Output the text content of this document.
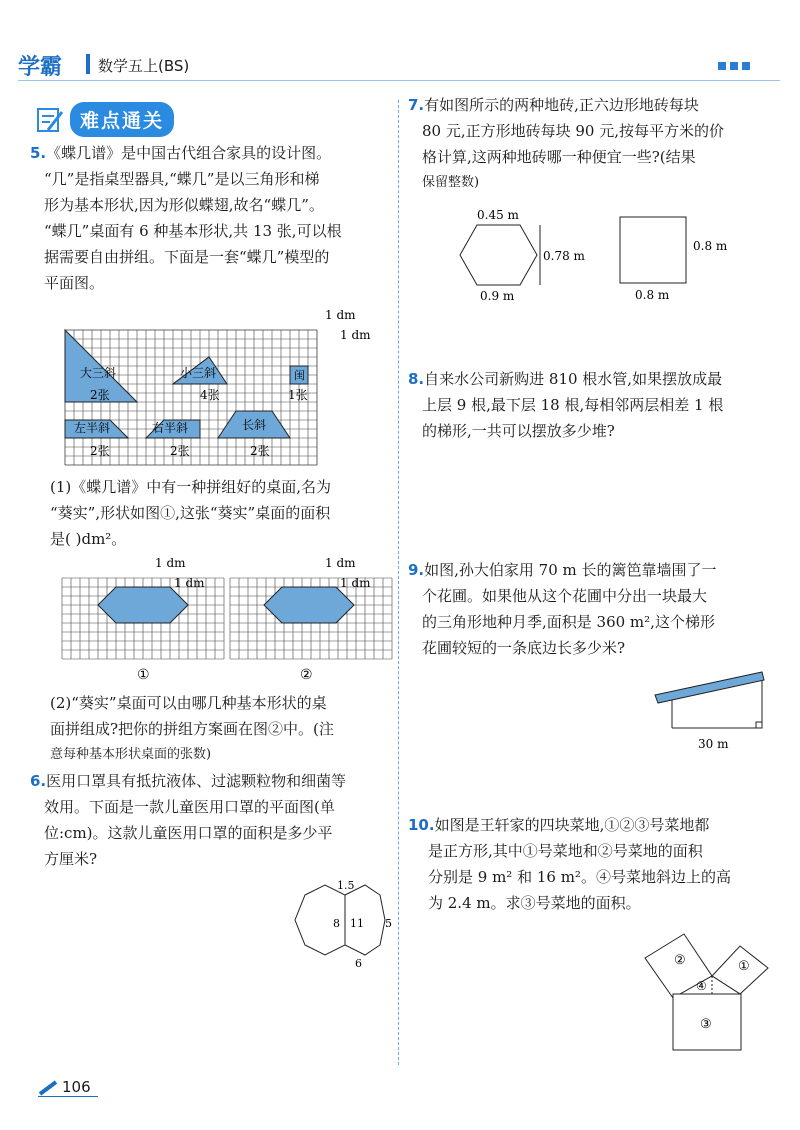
学霸 数学五上(BS)
难点通关
5.《蝶几谱》是中国古代组合家具的设计图。
“几”是指桌型器具,“蝶几”是以三角形和梯
形为基本形状,因为形似蝶翅,故名“蝶几”。
“蝶几”桌面有 6 种基本形状,共 13 张,可以根
据需要自由拼组。下面是一套“蝶几”模型的
平面图。
1 dm
1 dm
大三斜
2张
小三斜
4张
闺
1张
左半斜
2张
右半斜
2张
长斜
2张
(1)《蝶几谱》中有一种拼组好的桌面,名为
“葵实”,形状如图①,这张“葵实”桌面的面积
是( )dm²。
1 dm
1 dm
1 dm
1 dm
①	②
(2)“葵实”桌面可以由哪几种基本形状的桌
面拼组成?把你的拼组方案画在图②中。(注
意每种基本形状桌面的张数)
6.医用口罩具有抵抗液体、过滤颗粒物和细菌等
效用。下面是一款儿童医用口罩的平面图(单
位:cm)。这款儿童医用口罩的面积是多少平
方厘米?
1.5
8 11 5
6
7.有如图所示的两种地砖,正六边形地砖每块
80 元,正方形地砖每块 90 元,按每平方米的价
格计算,这两种地砖哪一种便宜一些?(结果
保留整数)
0.45 m
0.78 m
0.9 m
0.8 m
0.8 m
8.自来水公司新购进 810 根水管,如果摆放成最
上层 9 根,最下层 18 根,每相邻两层相差 1 根
的梯形,一共可以摆放多少堆?
9.如图,孙大伯家用 70 m 长的篱笆靠墙围了一
个花圃。如果他从这个花圃中分出一块最大
的三角形地种月季,面积是 360 m²,这个梯形
花圃较短的一条底边长多少米?
30 m
10.如图是王轩家的四块菜地,①②③号菜地都
是正方形,其中①号菜地和②号菜地的面积
分别是 9 m² 和 16 m²。④号菜地斜边上的高
为 2.4 m。求③号菜地的面积。
②	①
④
③
106
